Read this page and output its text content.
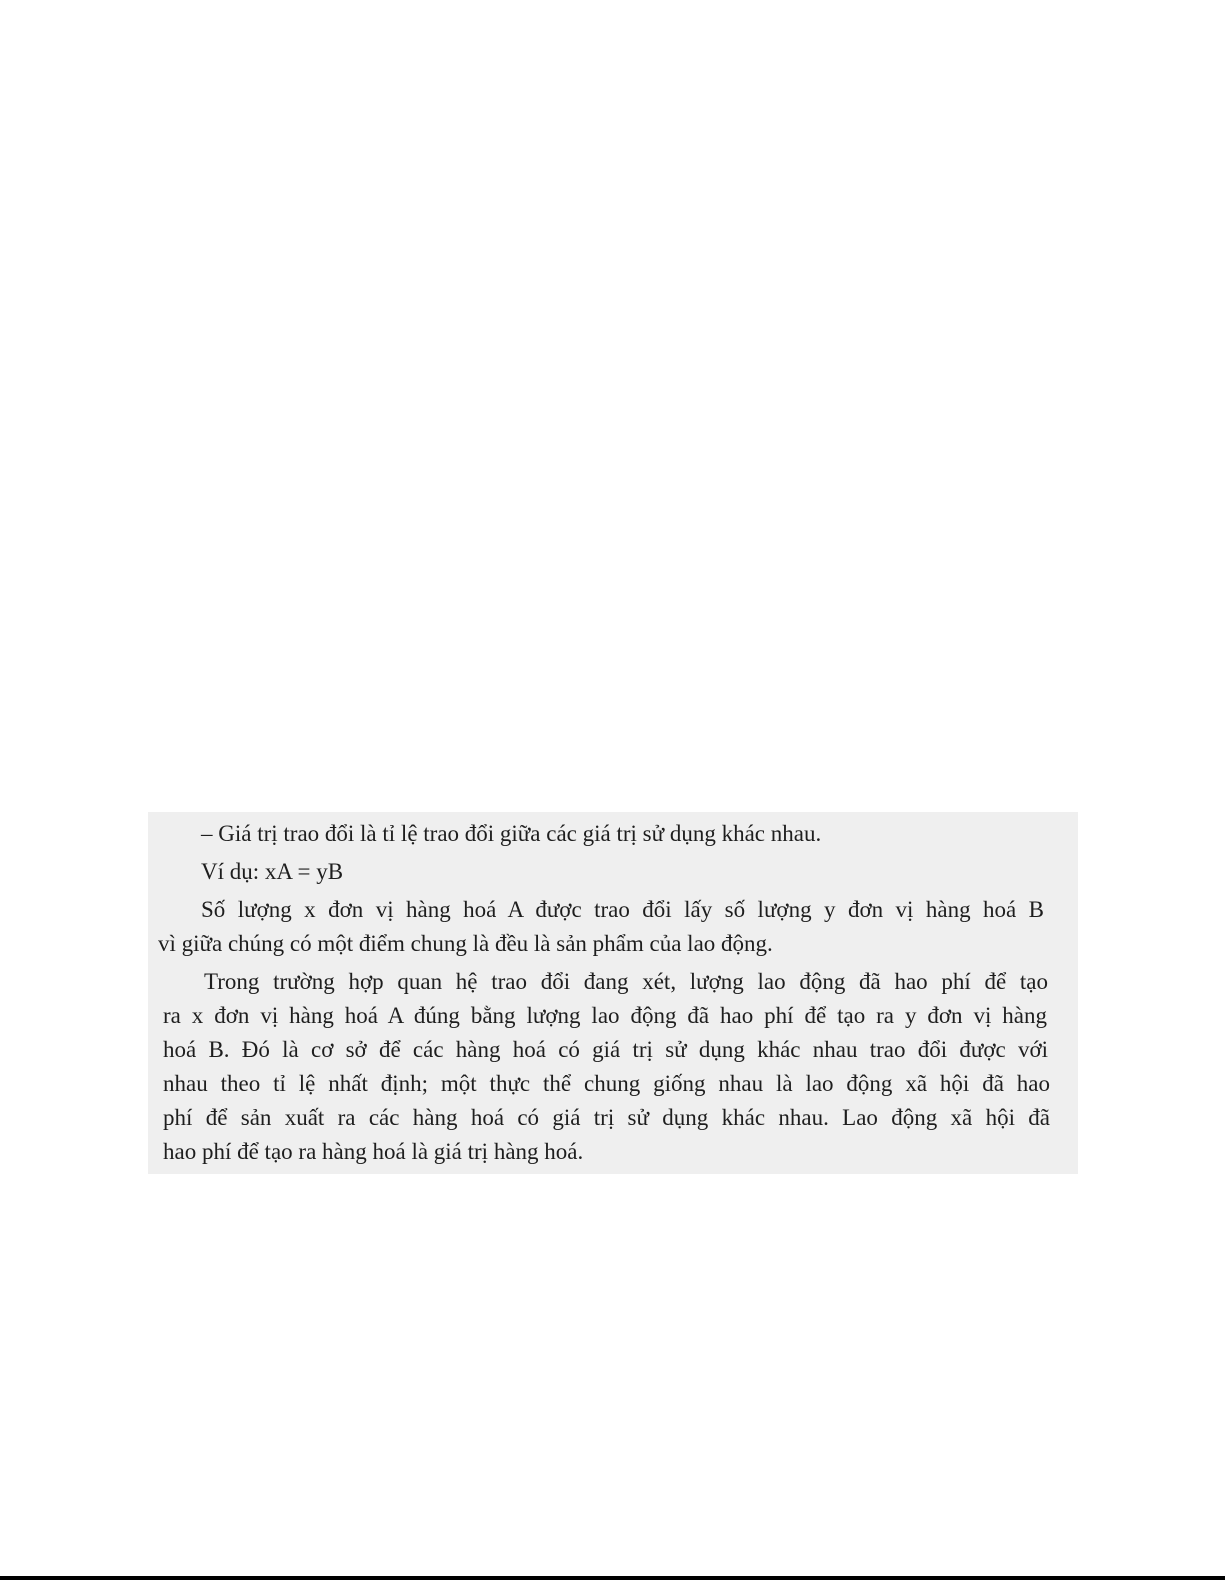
– Giá trị trao đổi là tỉ lệ trao đổi giữa các giá trị sử dụng khác nhau.

Ví dụ: xA = yB

Số lượng x đơn vị hàng hoá A được trao đổi lấy số lượng y đơn vị hàng hoá B

vì giữa chúng có một điểm chung là đều là sản phẩm của lao động.

Trong trường hợp quan hệ trao đổi đang xét, lượng lao động đã hao phí để tạo

ra x đơn vị hàng hoá A đúng bằng lượng lao động đã hao phí để tạo ra y đơn vị hàng

hoá B. Đó là cơ sở để các hàng hoá có giá trị sử dụng khác nhau trao đổi được với

nhau theo tỉ lệ nhất định; một thực thể chung giống nhau là lao động xã hội đã hao

phí để sản xuất ra các hàng hoá có giá trị sử dụng khác nhau. Lao động xã hội đã

hao phí để tạo ra hàng hoá là giá trị hàng hoá.
